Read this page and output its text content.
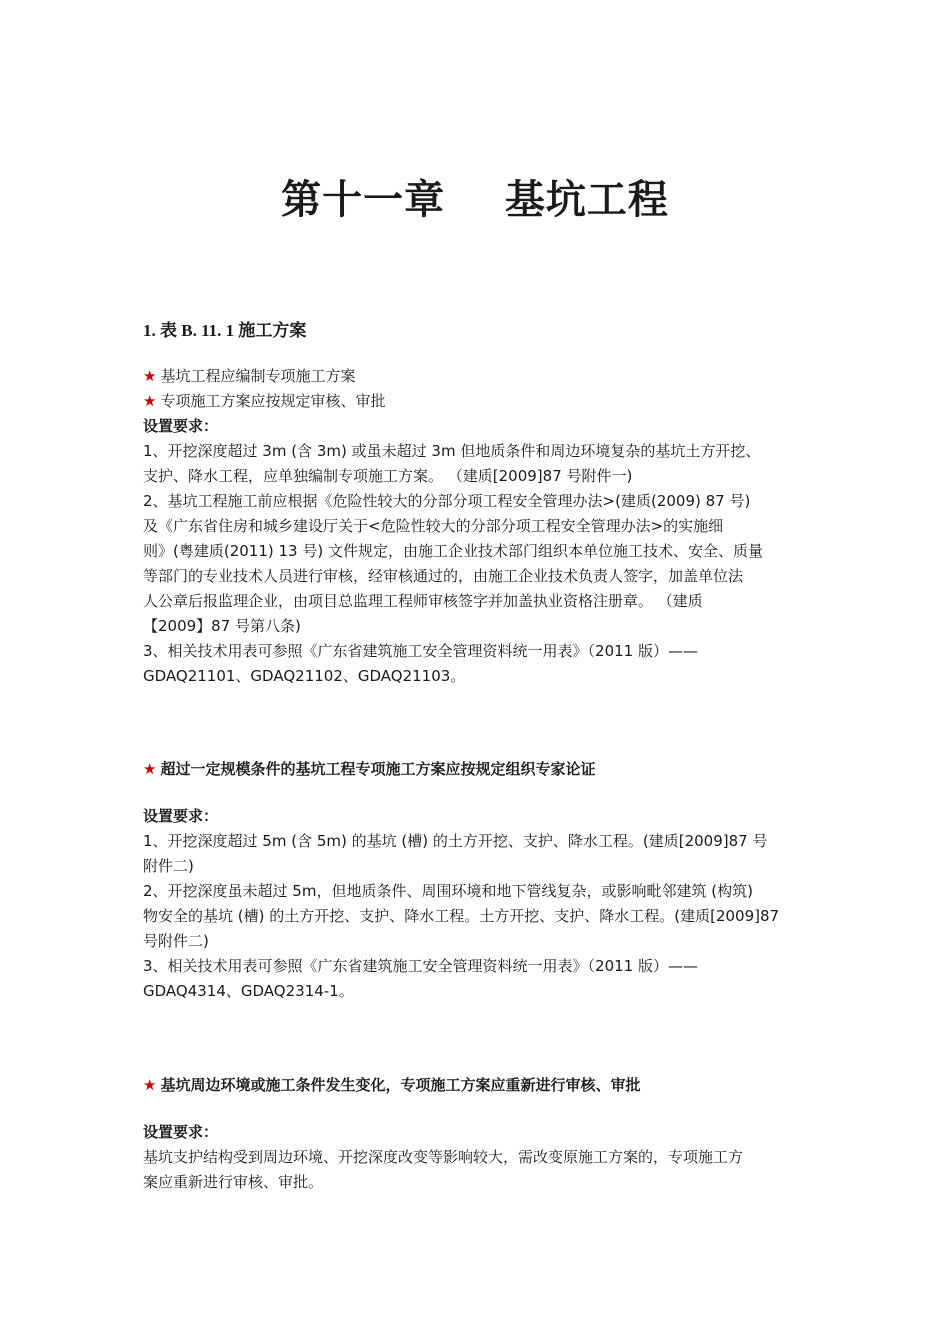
第十一章    基坑工程
1. 表 B. 11. 1 施工方案
★ 基坑工程应编制专项施工方案
★ 专项施工方案应按规定审核、审批
设置要求：
1、开挖深度超过 3m (含 3m) 或虽未超过 3m 但地质条件和周边环境复杂的基坑土方开挖、
支护、降水工程，应单独编制专项施工方案。 （建质[2009]87 号附件一)
2、基坑工程施工前应根据《危险性较大的分部分项工程安全管理办法>(建质(2009) 87 号)
及《广东省住房和城乡建设厅关于<危险性较大的分部分项工程安全管理办法>的实施细
则》(粤建质(2011) 13 号) 文件规定，由施工企业技术部门组织本单位施工技术、安全、质量
等部门的专业技术人员进行审核，经审核通过的，由施工企业技术负责人签字，加盖单位法
人公章后报监理企业，由项目总监理工程师审核签字并加盖执业资格注册章。 （建质
【2009】87 号第八条)
3、相关技术用表可参照《广东省建筑施工安全管理资料统一用表》（2011 版）——
GDAQ21101、GDAQ21102、GDAQ21103。
★ 超过一定规模条件的基坑工程专项施工方案应按规定组织专家论证
设置要求：
1、开挖深度超过 5m (含 5m) 的基坑 (槽) 的土方开挖、支护、降水工程。(建质[2009]87 号
附件二)
2、开挖深度虽未超过 5m，但地质条件、周围环境和地下管线复杂，或影响毗邻建筑 (构筑)
物安全的基坑 (槽) 的土方开挖、支护、降水工程。土方开挖、支护、降水工程。(建质[2009]87
号附件二)
3、相关技术用表可参照《广东省建筑施工安全管理资料统一用表》（2011 版）——
GDAQ4314、GDAQ2314-1。
★ 基坑周边环境或施工条件发生变化，专项施工方案应重新进行审核、审批
设置要求：
基坑支护结构受到周边环境、开挖深度改变等影响较大，需改变原施工方案的，专项施工方
案应重新进行审核、审批。
